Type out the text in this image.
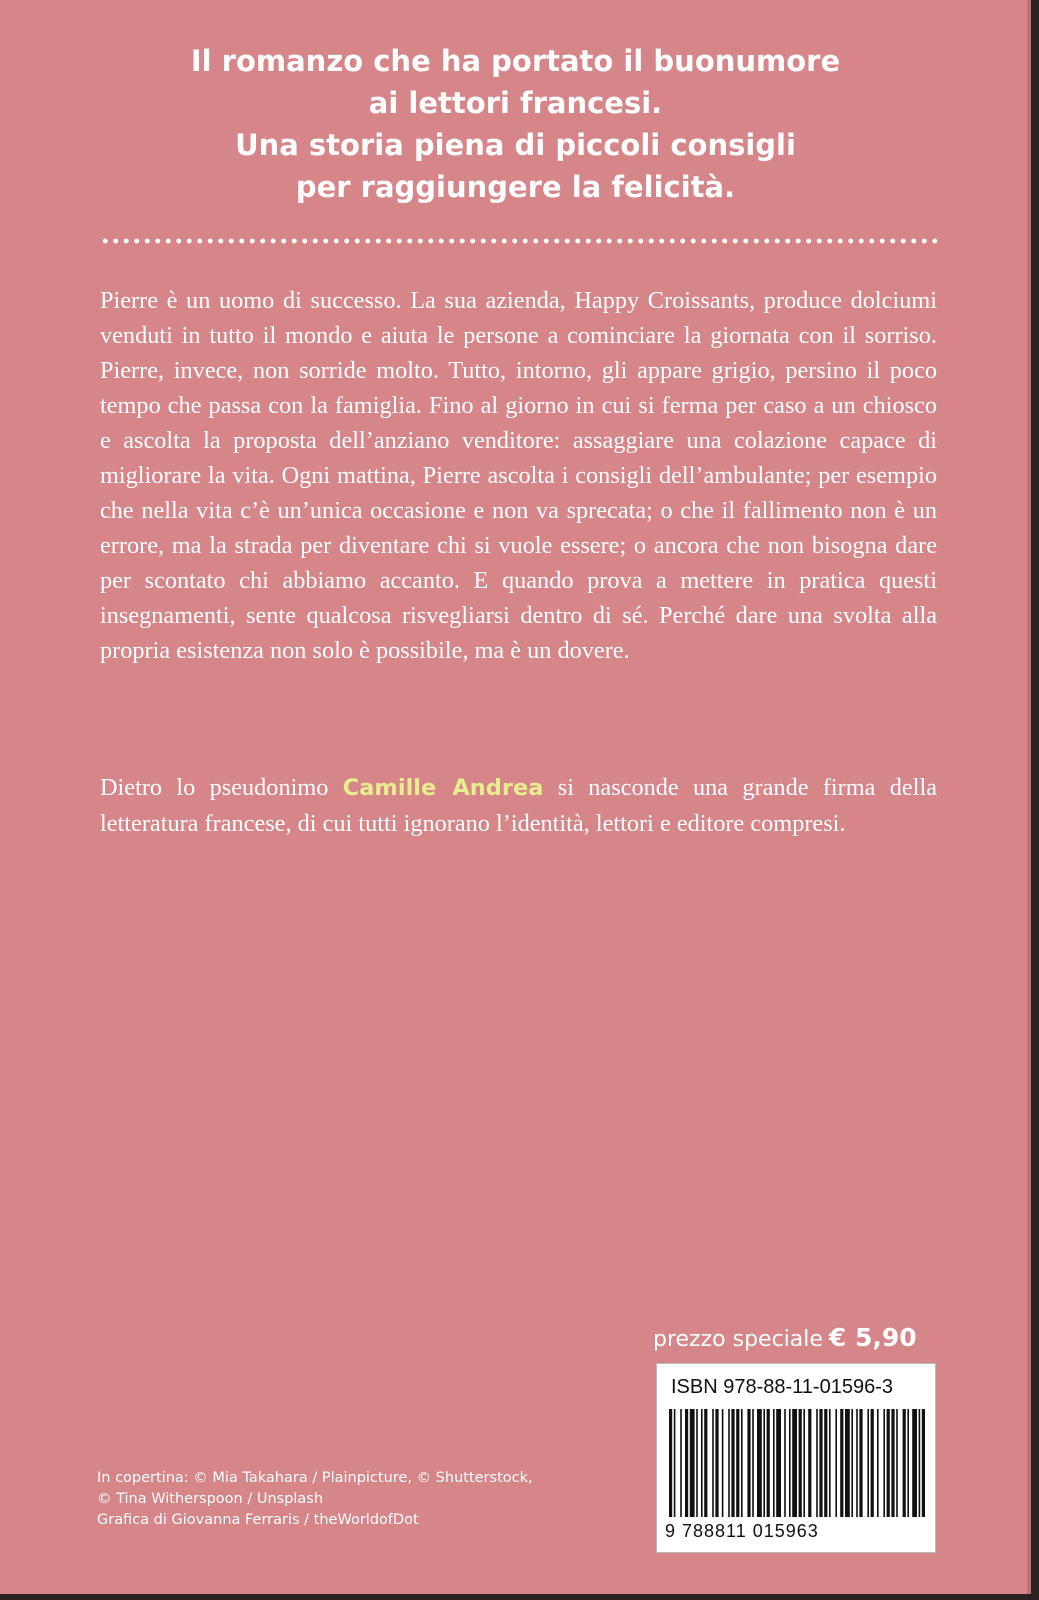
Il romanzo che ha portato il buonumore
ai lettori francesi.
Una storia piena di piccoli consigli
per raggiungere la felicità.
Pierre è un uomo di successo. La sua azienda, Happy Croissants, produce dolciumi venduti in tutto il mondo e aiuta le persone a cominciare la giornata con il sorriso. Pierre, invece, non sorride molto. Tutto, intorno, gli appare grigio, persino il poco tempo che passa con la famiglia. Fino al giorno in cui si ferma per caso a un chiosco e ascolta la proposta dell’anziano venditore: assaggiare una colazione capace di migliorare la vita. Ogni mattina, Pierre ascolta i consigli dell’ambulante; per esempio che nella vita c’è un’unica occasione e non va sprecata; o che il fallimento non è un errore, ma la strada per diventare chi si vuole essere; o ancora che non bisogna dare per scontato chi abbiamo accanto. E quando prova a mettere in pratica questi insegnamenti, sente qualcosa risvegliarsi dentro di sé. Perché dare una svolta alla propria esistenza non solo è possibile, ma è un dovere.
Dietro lo pseudonimo Camille Andrea si nasconde una grande firma della letteratura francese, di cui tutti ignorano l’identità, lettori e editore compresi.
prezzo speciale € 5,90
ISBN 978-88-11-01596-3
9 788811 015963
In copertina: © Mia Takahara / Plainpicture, © Shutterstock,
© Tina Witherspoon / Unsplash
Grafica di Giovanna Ferraris / theWorldofDot
